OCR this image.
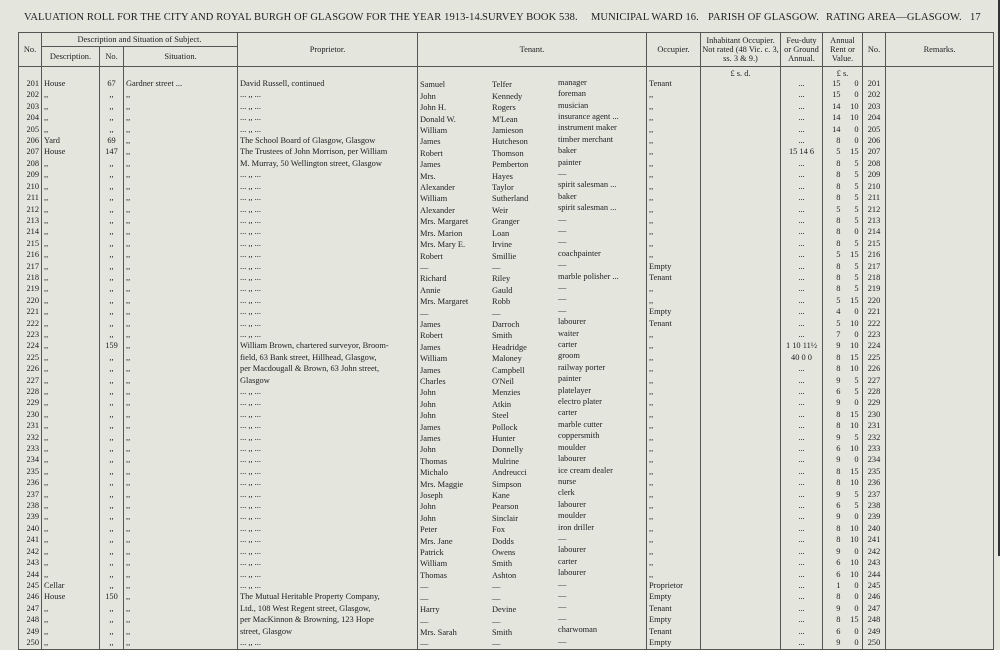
VALUATION ROLL FOR THE CITY AND ROYAL BURGH OF GLASGOW FOR THE YEAR 1913-14. SURVEY BOOK 538. MUNICIPAL WARD 16. PARISH OF GLASGOW. RATING AREA—GLASGOW. 17
No.	Description and Situation of Subject.			Proprietor.	Tenant.	Occupier.	Inhabitant Occupier. Not rated (48 Vic. c. 3, ss. 3 & 9.)	Feu-duty or Ground Annual.	Annual Rent or Value.	No.	Remarks.
	Description.	No.	Situation.								
							£ s. d.		£ s.		
201	House	67	Gardner street ...	David Russell, continued	Samuel Telfer manager	Tenant		...	15 0	201	
202	,,	,,	,,	... ,, ...	John Kennedy foreman	,,		...	15 0	202	
203	,,	,,	,,	... ,, ...	John H. Rogers musician	,,		...	14 10	203	
204	,,	,,	,,	... ,, ...	Donald W. M'Lean insurance agent ...	,,		...	14 10	204	
205	,,	,,	,,	... ,, ...	William Jamieson instrument maker	,,		...	14 0	205	
206	Yard	69	,,	The School Board of Glasgow, Glasgow	James Hutcheson timber merchant	,,		...	8 0	206	
207	House	147	,,	The Trustees of John Morrison, per William	Robert Thomson baker	,,		15 14 6	5 15	207	
208	,,	,,	,,	M. Murray, 50 Wellington street, Glasgow	James Pemberton painter	,,		...	8 5	208	
209	,,	,,	,,	... ,, ...	Mrs. Hayes —	,,		...	8 5	209	
210	,,	,,	,,	... ,, ...	Alexander Taylor spirit salesman ...	,,		...	8 5	210	
211	,,	,,	,,	... ,, ...	William Sutherland baker	,,		...	8 5	211	
212	,,	,,	,,	... ,, ...	Alexander Weir spirit salesman ...	,,		...	5 5	212	
213	,,	,,	,,	... ,, ...	Mrs. Margaret Granger —	,,		...	8 5	213	
214	,,	,,	,,	... ,, ...	Mrs. Marion Loan —	,,		...	8 0	214	
215	,,	,,	,,	... ,, ...	Mrs. Mary E. Irvine —	,,		...	8 5	215	
216	,,	,,	,,	... ,, ...	Robert Smillie coachpainter	,,		...	5 15	216	
217	,,	,,	,,	... ,, ...	— — —	Empty		...	8 5	217	
218	,,	,,	,,	... ,, ...	Richard Riley marble polisher ...	Tenant		...	8 5	218	
219	,,	,,	,,	... ,, ...	Annie Gauld —	,,		...	8 5	219	
220	,,	,,	,,	... ,, ...	Mrs. Margaret Robb —	,,		...	5 15	220	
221	,,	,,	,,	... ,, ...	— — —	Empty		...	4 0	221	
222	,,	,,	,,	... ,, ...	James Darroch labourer	Tenant		...	5 10	222	
223	,,	,,	,,	... ,, ...	Robert Smith waiter	,,		...	7 0	223	
224	,,	159	,,	William Brown, chartered surveyor, Broom-	James Headridge carter	,,		1 10 11½	9 10	224	
225	,,	,,	,,	field, 63 Bank street, Hillhead, Glasgow,	William Maloney groom	,,		40 0 0	8 15	225	
226	,,	,,	,,	per Macdougall & Brown, 63 John street,	James Campbell railway porter	,,		...	8 10	226	
227	,,	,,	,,	Glasgow	Charles O'Neil painter	,,		...	9 5	227	
228	,,	,,	,,	... ,, ...	John Menzies platelayer	,,		...	6 5	228	
229	,,	,,	,,	... ,, ...	John Atkin electro plater	,,		...	9 0	229	
230	,,	,,	,,	... ,, ...	John Steel carter	,,		...	8 15	230	
231	,,	,,	,,	... ,, ...	James Pollock marble cutter	,,		...	8 10	231	
232	,,	,,	,,	... ,, ...	James Hunter coppersmith	,,		...	9 5	232	
233	,,	,,	,,	... ,, ...	John Donnelly moulder	,,		...	6 10	233	
234	,,	,,	,,	... ,, ...	Thomas Mulrine labourer	,,		...	9 0	234	
235	,,	,,	,,	... ,, ...	Michalo Andreucci ice cream dealer	,,		...	8 15	235	
236	,,	,,	,,	... ,, ...	Mrs. Maggie Simpson nurse	,,		...	8 10	236	
237	,,	,,	,,	... ,, ...	Joseph Kane clerk	,,		...	9 5	237	
238	,,	,,	,,	... ,, ...	John Pearson labourer	,,		...	6 5	238	
239	,,	,,	,,	... ,, ...	John Sinclair moulder	,,		...	9 0	239	
240	,,	,,	,,	... ,, ...	Peter Fox iron driller	,,		...	8 10	240	
241	,,	,,	,,	... ,, ...	Mrs. Jane Dodds —	,,		...	8 10	241	
242	,,	,,	,,	... ,, ...	Patrick Owens labourer	,,		...	9 0	242	
243	,,	,,	,,	... ,, ...	William Smith carter	,,		...	6 10	243	
244	,,	,,	,,	... ,, ...	Thomas Ashton labourer	,,		...	6 10	244	
245	Cellar	,,	,,	... ,, ...	— — —	Proprietor		...	1 0	245	
246	House	150	,,	The Mutual Heritable Property Company,	— — —	Empty		...	8 0	246	
247	,,	,,	,,	Ltd., 108 West Regent street, Glasgow,	Harry Devine —	Tenant		...	9 0	247	
248	,,	,,	,,	per MacKinnon & Browning, 123 Hope	— — —	Empty		...	8 15	248	
249	,,	,,	,,	street, Glasgow	Mrs. Sarah Smith charwoman	Tenant		...	6 0	249	
250	,,	,,	,,	... ,, ...	— — —	Empty		...	9 0	250	
